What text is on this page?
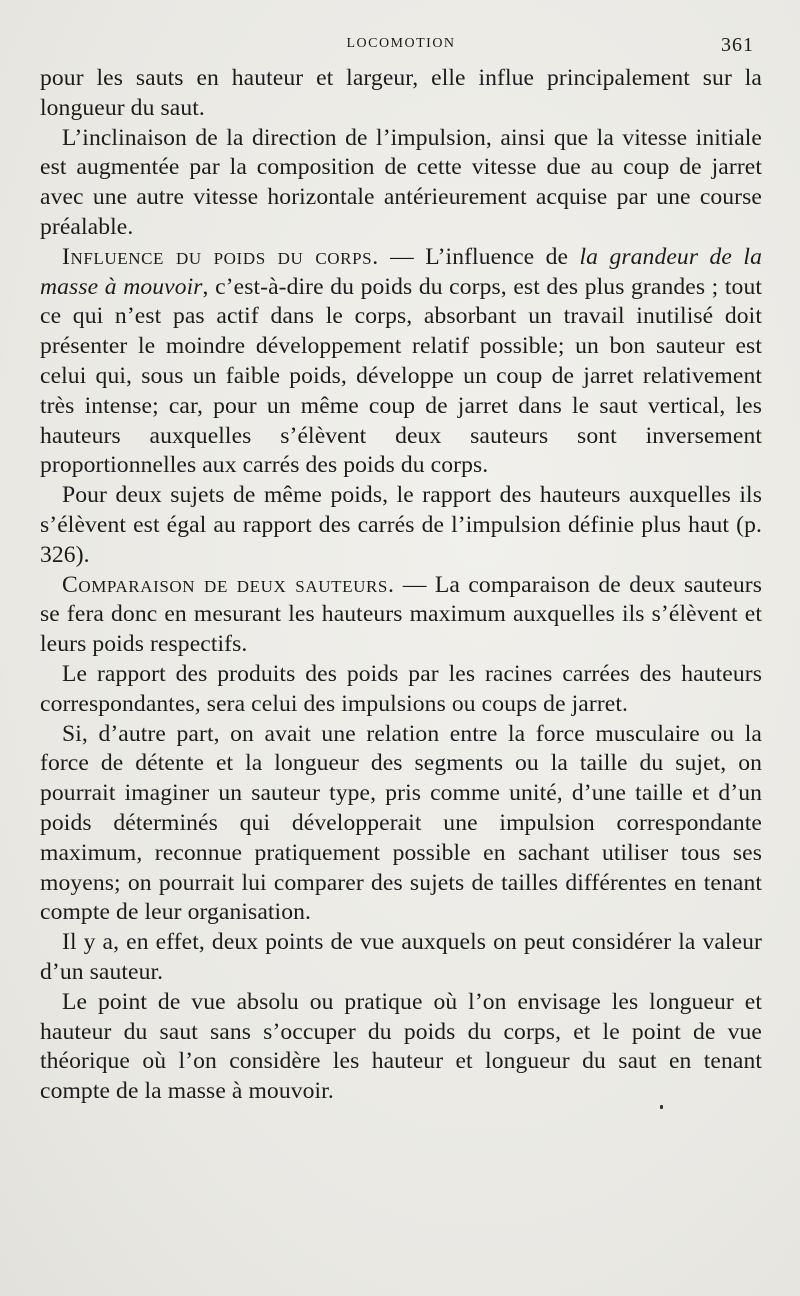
LOCOMOTION	361

pour les sauts en hauteur et largeur, elle influe principalement sur la longueur du saut.

L’inclinaison de la direction de l’impulsion, ainsi que la vitesse initiale est augmentée par la composition de cette vitesse due au coup de jarret avec une autre vitesse horizontale antérieurement acquise par une course préalable.

Influence du poids du corps. — L’influence de la grandeur de la masse à mouvoir, c’est-à-dire du poids du corps, est des plus grandes ; tout ce qui n’est pas actif dans le corps, absorbant un travail inutilisé doit présenter le moindre développement relatif possible; un bon sauteur est celui qui, sous un faible poids, développe un coup de jarret relativement très intense; car, pour un même coup de jarret dans le saut vertical, les hauteurs auxquelles s’élèvent deux sauteurs sont inversement proportionnelles aux carrés des poids du corps.

Pour deux sujets de même poids, le rapport des hauteurs auxquelles ils s’élèvent est égal au rapport des carrés de l’impulsion définie plus haut (p. 326).

Comparaison de deux sauteurs. — La comparaison de deux sauteurs se fera donc en mesurant les hauteurs maximum auxquelles ils s’élèvent et leurs poids respectifs.

Le rapport des produits des poids par les racines carrées des hauteurs correspondantes, sera celui des impulsions ou coups de jarret.

Si, d’autre part, on avait une relation entre la force musculaire ou la force de détente et la longueur des segments ou la taille du sujet, on pourrait imaginer un sauteur type, pris comme unité, d’une taille et d’un poids déterminés qui développerait une impulsion correspondante maximum, reconnue pratiquement possible en sachant utiliser tous ses moyens; on pourrait lui comparer des sujets de tailles différentes en tenant compte de leur organisation.

Il y a, en effet, deux points de vue auxquels on peut considérer la valeur d’un sauteur.

Le point de vue absolu ou pratique où l’on envisage les longueur et hauteur du saut sans s’occuper du poids du corps, et le point de vue théorique où l’on considère les hauteur et longueur du saut en tenant compte de la masse à mouvoir.
